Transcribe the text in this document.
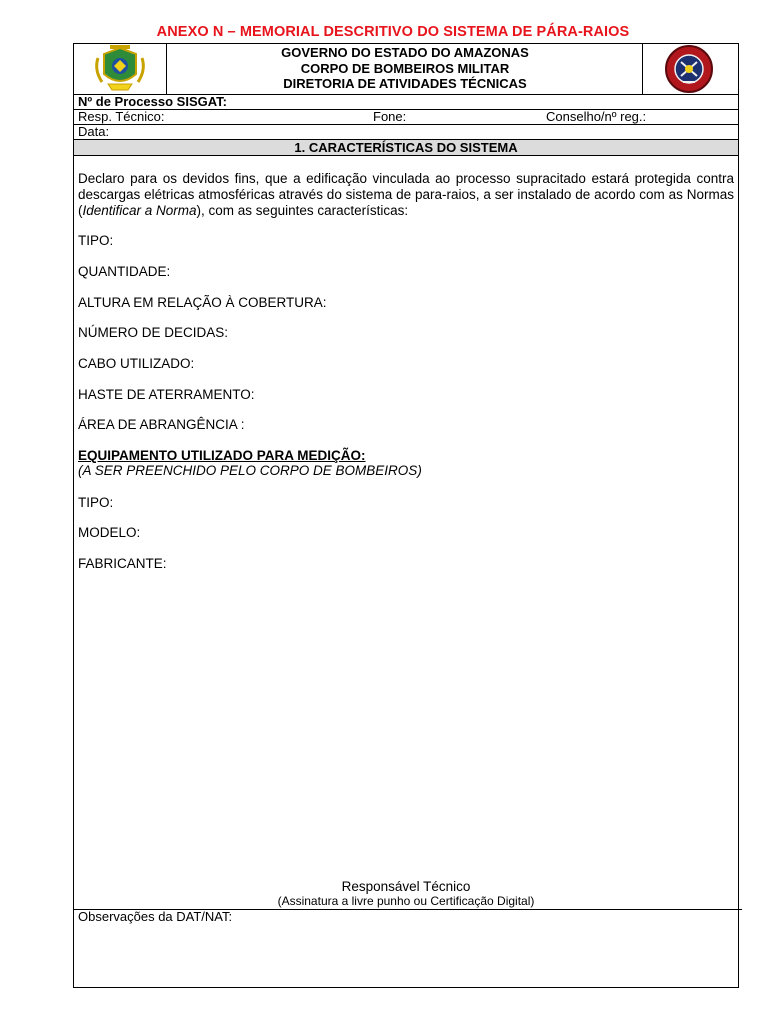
ANEXO N – MEMORIAL DESCRITIVO DO SISTEMA DE PÁRA-RAIOS
GOVERNO DO ESTADO DO AMAZONAS
CORPO DE BOMBEIROS MILITAR
DIRETORIA DE ATIVIDADES TÉCNICAS
Nº de Processo SISGAT:
Resp. Técnico:	Fone:	Conselho/nº reg.:
Data:
1. CARACTERÍSTICAS DO SISTEMA

Declaro para os devidos fins, que a edificação vinculada ao processo supracitado estará protegida contra descargas elétricas atmosféricas através do sistema de para-raios, a ser instalado de acordo com as Normas (Identificar a Norma), com as seguintes características:

TIPO:
QUANTIDADE:
ALTURA EM RELAÇÃO À COBERTURA:
NÚMERO DE DECIDAS:
CABO UTILIZADO:
HASTE DE ATERRAMENTO:
ÁREA DE ABRANGÊNCIA :
EQUIPAMENTO UTILIZADO PARA MEDIÇÃO:
(A SER PREENCHIDO PELO CORPO DE BOMBEIROS)
TIPO:
MODELO:
FABRICANTE:
Responsável Técnico
(Assinatura a livre punho ou Certificação Digital)
Observações da DAT/NAT:
